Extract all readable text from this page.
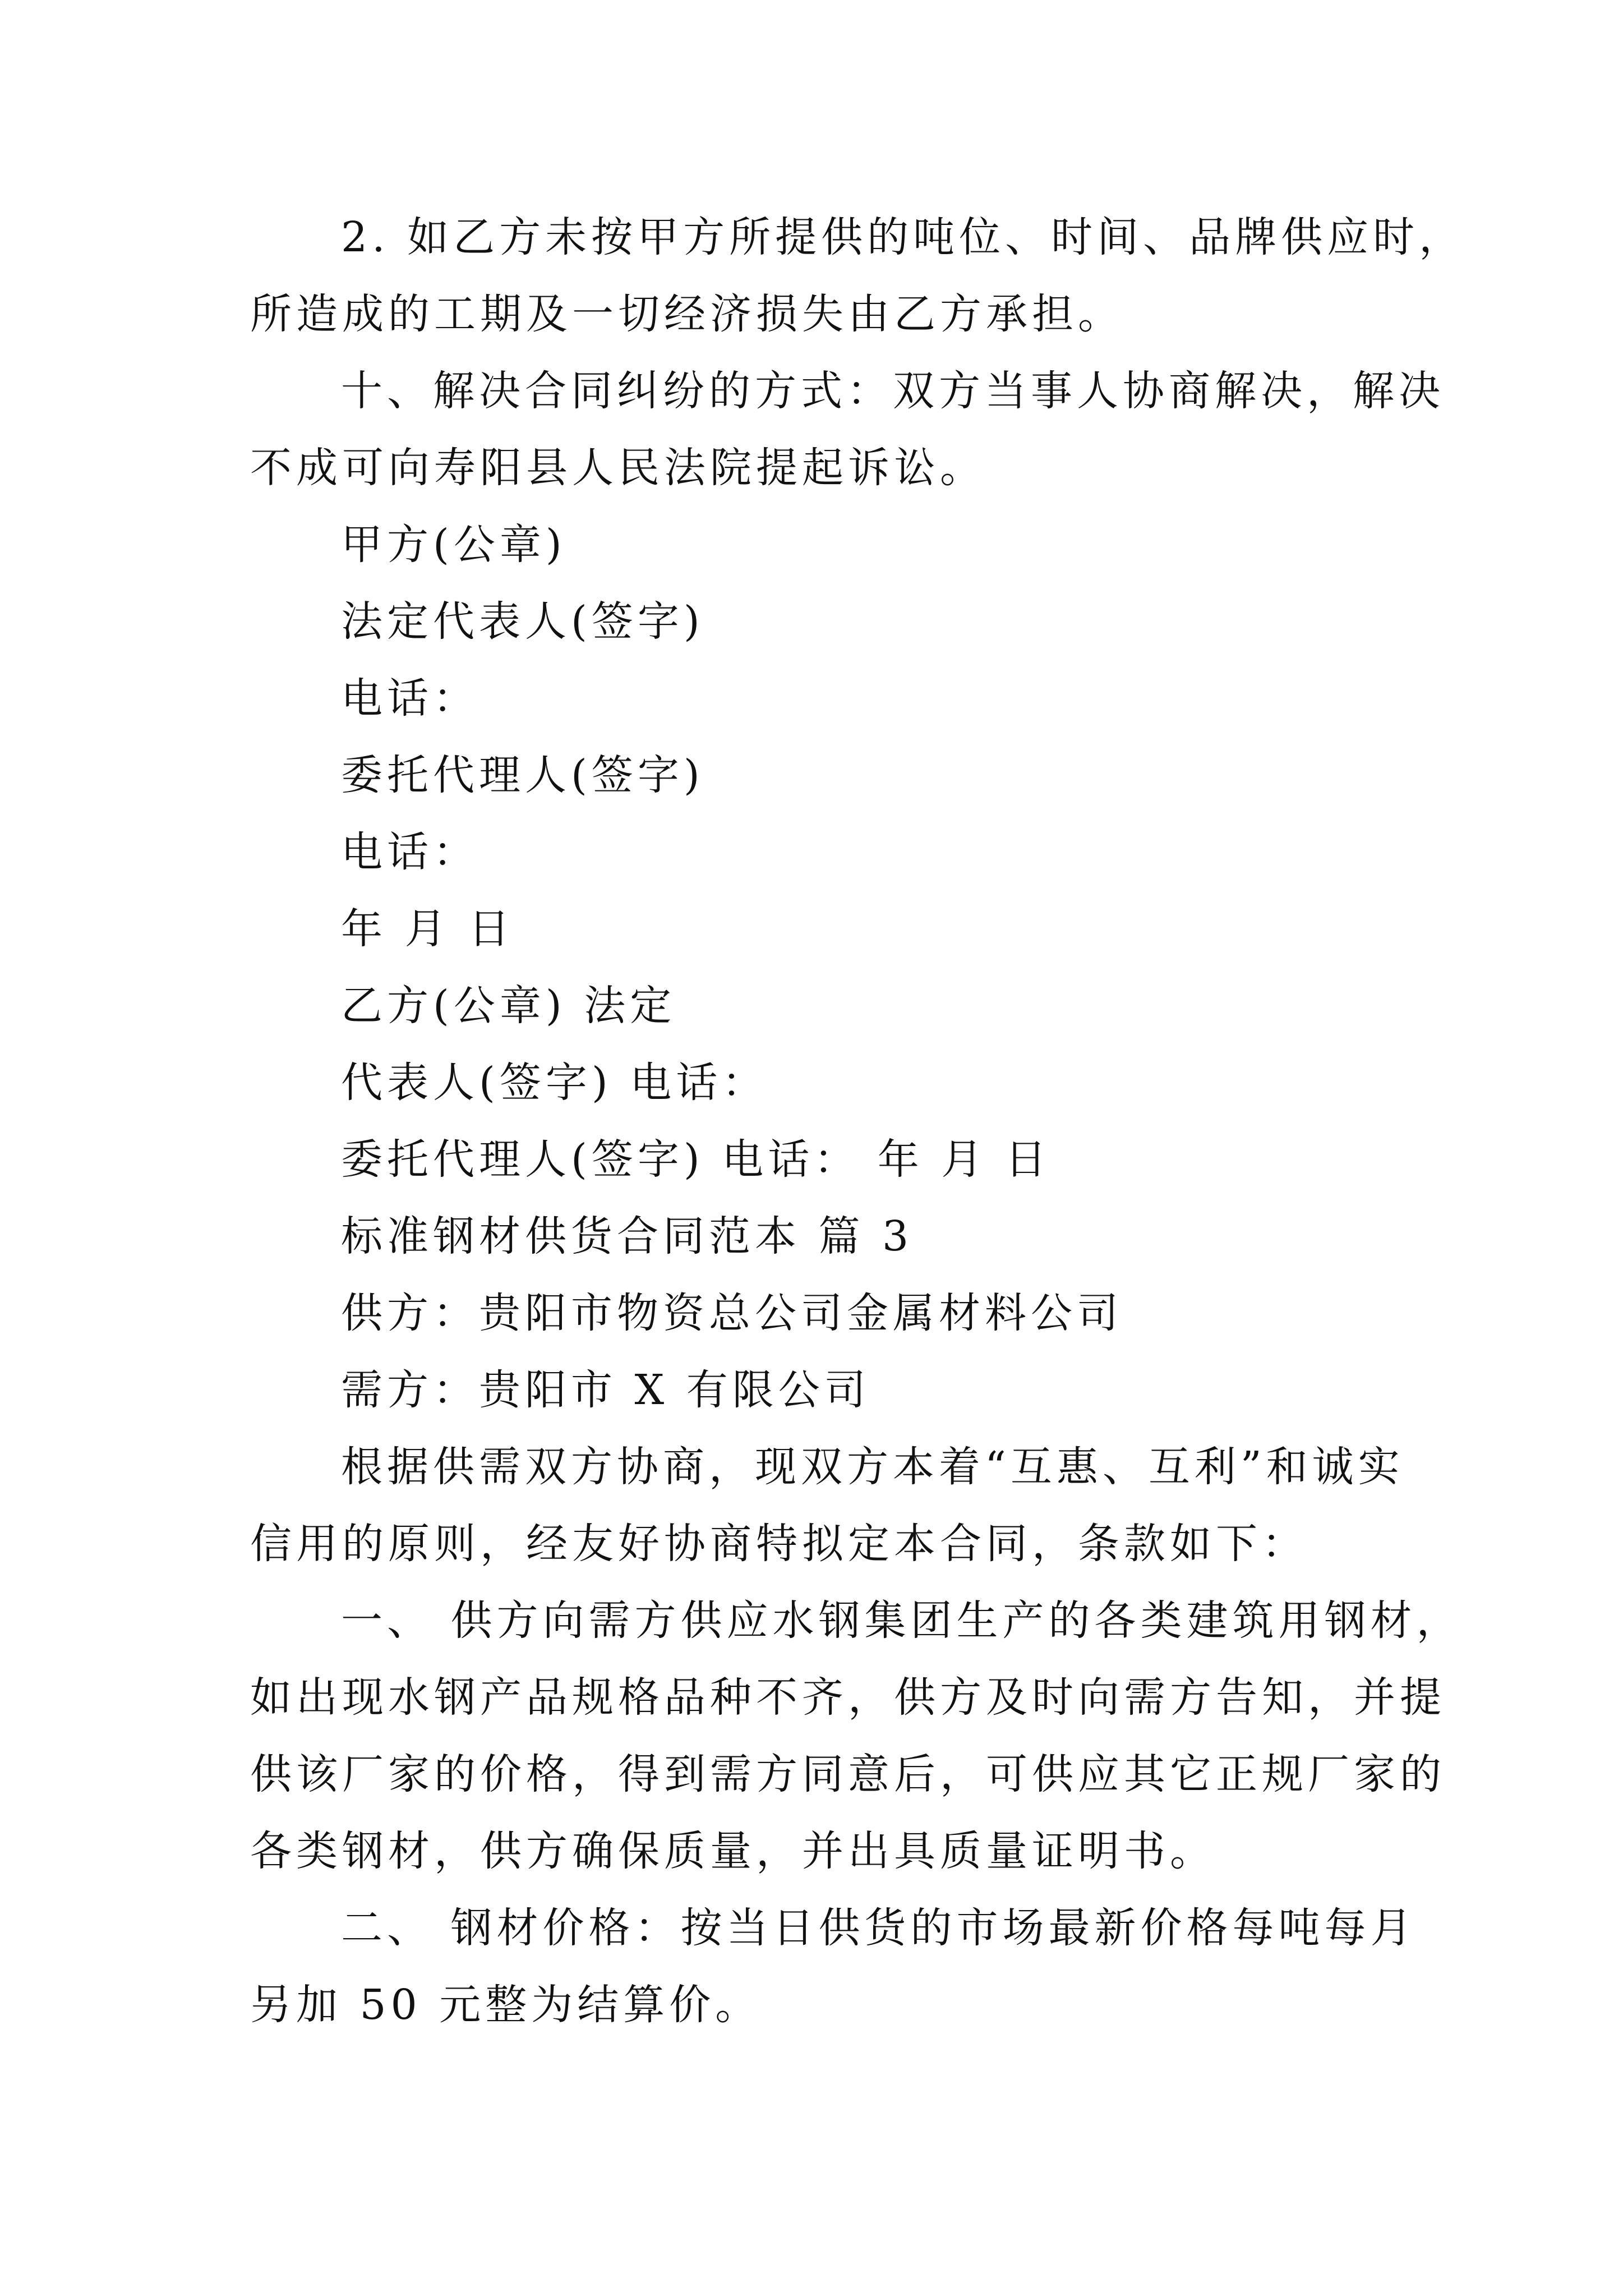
2. 如乙方未按甲方所提供的吨位、时间、品牌供应时，
所造成的工期及一切经济损失由乙方承担。
十、解决合同纠纷的方式：双方当事人协商解决，解决
不成可向寿阳县人民法院提起诉讼。
甲方(公章)
法定代表人(签字)
电话：
委托代理人(签字)
电话：
年 月 日
乙方(公章) 法定
代表人(签字) 电话：
委托代理人(签字) 电话： 年 月 日
标准钢材供货合同范本 篇 3
供方：贵阳市物资总公司金属材料公司
需方：贵阳市 X 有限公司
根据供需双方协商，现双方本着“互惠、互利”和诚实
信用的原则，经友好协商特拟定本合同，条款如下：
一、 供方向需方供应水钢集团生产的各类建筑用钢材，
如出现水钢产品规格品种不齐，供方及时向需方告知，并提
供该厂家的价格，得到需方同意后，可供应其它正规厂家的
各类钢材，供方确保质量，并出具质量证明书。
二、 钢材价格：按当日供货的市场最新价格每吨每月
另加 50 元整为结算价。
